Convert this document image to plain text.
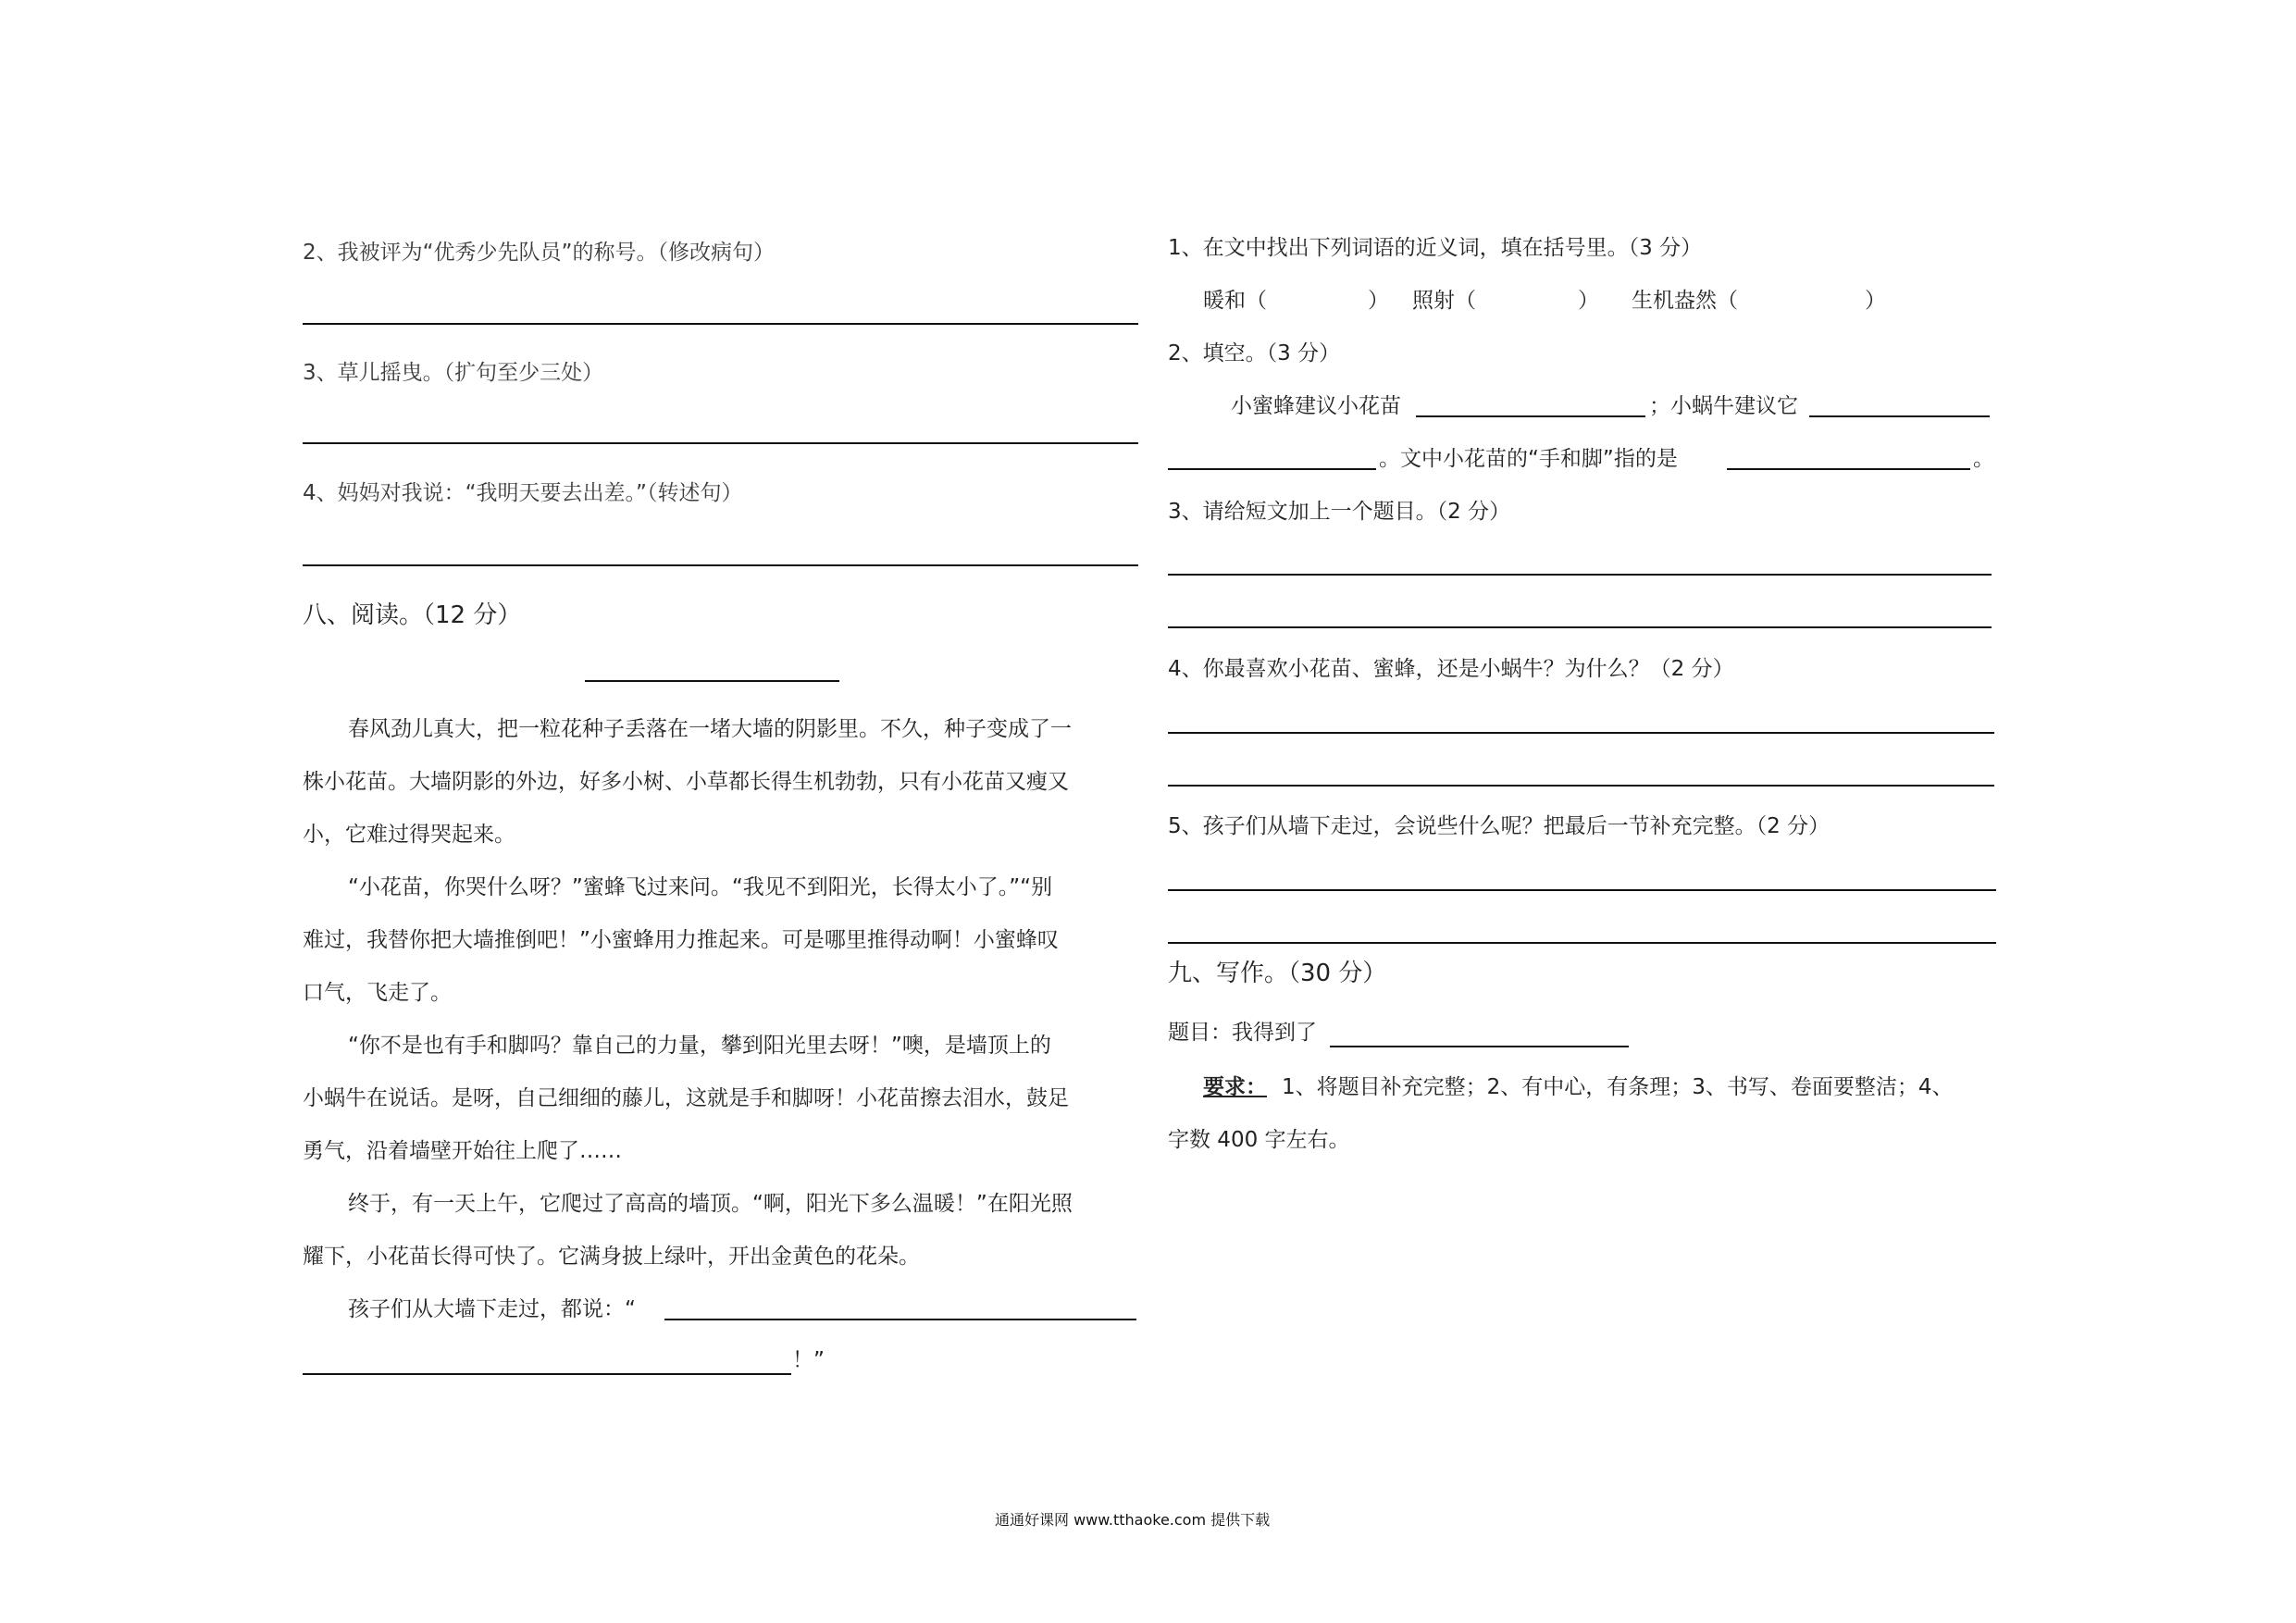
2、我被评为“优秀少先队员”的称号。（修改病句）
3、草儿摇曳。（扩句至少三处）
4、妈妈对我说：“我明天要去出差。”（转述句）
八、阅读。（12 分）
春风劲儿真大，把一粒花种子丢落在一堵大墙的阴影里。不久，种子变成了一
株小花苗。大墙阴影的外边，好多小树、小草都长得生机勃勃，只有小花苗又瘦又
小，它难过得哭起来。
“小花苗，你哭什么呀？”蜜蜂飞过来问。“我见不到阳光，长得太小了。”“别
难过，我替你把大墙推倒吧！”小蜜蜂用力推起来。可是哪里推得动啊！小蜜蜂叹
口气，飞走了。
“你不是也有手和脚吗？靠自己的力量，攀到阳光里去呀！”噢，是墙顶上的
小蜗牛在说话。是呀，自己细细的藤儿，这就是手和脚呀！小花苗擦去泪水，鼓足
勇气，沿着墙壁开始往上爬了……
终于，有一天上午，它爬过了高高的墙顶。“啊，阳光下多么温暖！”在阳光照
耀下，小花苗长得可快了。它满身披上绿叶，开出金黄色的花朵。
孩子们从大墙下走过，都说：“
！”
1、在文中找出下列词语的近义词，填在括号里。（3 分）
暖和（	） 照射（	） 生机盎然（	）
2、填空。（3 分）
小蜜蜂建议小花苗	；小蜗牛建议它
。文中小花苗的“手和脚”指的是	。
3、请给短文加上一个题目。（2 分）
4、你最喜欢小花苗、蜜蜂，还是小蜗牛？为什么？（2 分）
5、孩子们从墙下走过，会说些什么呢？把最后一节补充完整。（2 分）
九、写作。（30 分）
题目：我得到了
要求： 1、将题目补充完整；2、有中心，有条理；3、书写、卷面要整洁；4、
字数 400 字左右。
通通好课网 www.tthaoke.com 提供下载
